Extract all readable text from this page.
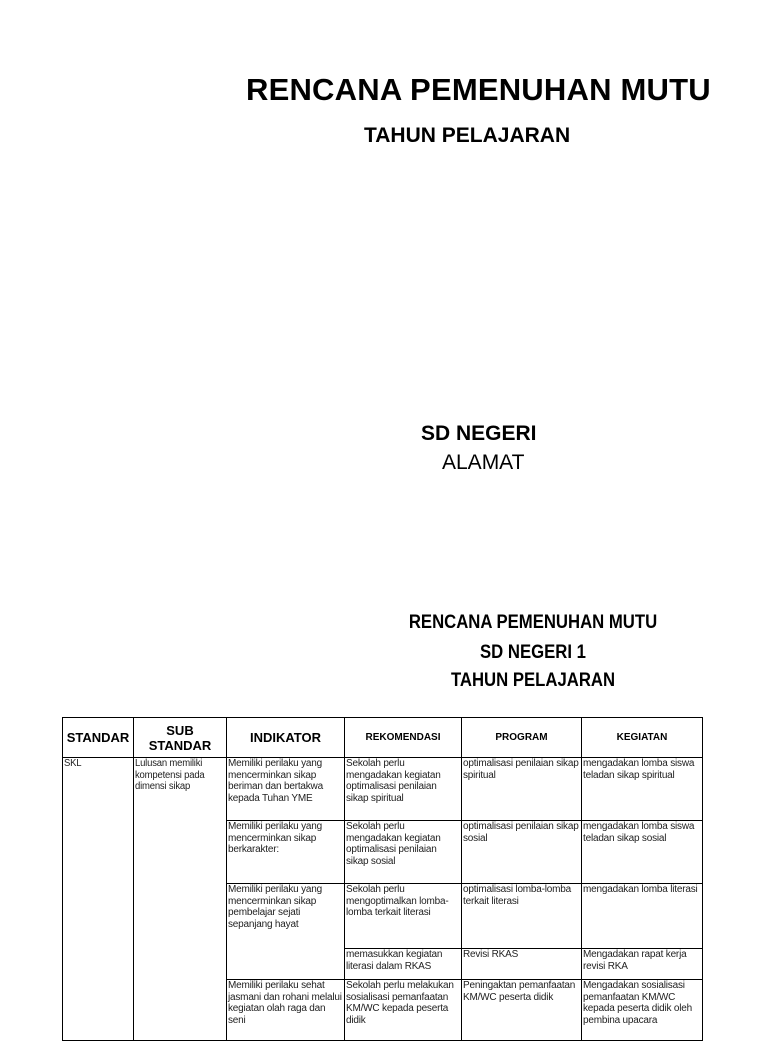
RENCANA PEMENUHAN MUTU
TAHUN PELAJARAN
SD NEGERI
ALAMAT
RENCANA PEMENUHAN MUTU
SD NEGERI 1
TAHUN PELAJARAN
STANDAR	SUB STANDAR	INDIKATOR	REKOMENDASI	PROGRAM	KEGIATAN
SKL	Lulusan memiliki kompetensi pada dimensi sikap	Memiliki perilaku yang mencerminkan sikap beriman dan bertakwa kepada Tuhan YME	Sekolah perlu mengadakan kegiatan optimalisasi penilaian sikap spiritual	optimalisasi penilaian sikap spiritual	mengadakan lomba siswa teladan sikap spiritual
		Memiliki perilaku yang mencerminkan sikap berkarakter:	Sekolah perlu mengadakan kegiatan optimalisasi penilaian sikap sosial	optimalisasi penilaian sikap sosial	mengadakan lomba siswa teladan sikap sosial
		Memiliki perilaku yang mencerminkan sikap pembelajar sejati sepanjang hayat	Sekolah perlu mengoptimalkan lomba-lomba terkait literasi	optimalisasi lomba-lomba terkait literasi	mengadakan lomba literasi
			memasukkan kegiatan literasi dalam RKAS	Revisi RKAS	Mengadakan rapat kerja revisi RKA
		Memiliki perilaku sehat jasmani dan rohani melalui kegiatan olah raga dan seni	Sekolah perlu melakukan sosialisasi pemanfaatan KM/WC kepada peserta didik	Peningaktan pemanfaatan KM/WC peserta didik	Mengadakan sosialisasi pemanfaatan KM/WC kepada peserta didik oleh pembina upacara
